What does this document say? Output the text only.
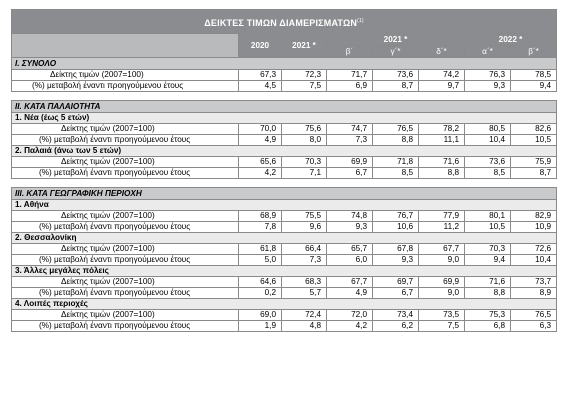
ΔΕΙΚΤΕΣ ΤΙΜΩΝ ΔΙΑΜΕΡΙΣΜΑΤΩΝ$^{(1)}$
	2020	2021 *	2021 *			2022 *	
			β΄	γ΄*	δ΄*	α΄*	β΄*
I. ΣΥΝΟΛΟ							
Δείκτης τιμών (2007=100)	67,3	72,3	71,7	73,6	74,2	76,3	78,5
(%) μεταβολή έναντι προηγούμενου έτους	4,5	7,5	6,9	8,7	9,7	9,3	9,4

II. ΚΑΤΑ ΠΑΛΑΙΟΤΗΤΑ							
1. Νέα (έως 5 ετών)							
Δείκτης τιμών (2007=100)	70,0	75,6	74,7	76,5	78,2	80,5	82,6
(%) μεταβολή έναντι προηγούμενου έτους	4,9	8,0	7,3	8,8	11,1	10,4	10,5
2. Παλαιά (άνω των 5 ετών)							
Δείκτης τιμών (2007=100)	65,6	70,3	69,9	71,8	71,6	73,6	75,9
(%) μεταβολή έναντι προηγούμενου έτους	4,2	7,1	6,7	8,5	8,8	8,5	8,7

III. ΚΑΤΑ ΓΕΩΓΡΑΦΙΚΗ ΠΕΡΙΟΧΗ							
1. Αθήνα							
Δείκτης τιμών (2007=100)	68,9	75,5	74,8	76,7	77,9	80,1	82,9
(%) μεταβολή έναντι προηγούμενου έτους	7,8	9,6	9,3	10,6	11,2	10,5	10,9
2. Θεσσαλονίκη							
Δείκτης τιμών (2007=100)	61,8	66,4	65,7	67,8	67,7	70,3	72,6
(%) μεταβολή έναντι προηγούμενου έτους	5,0	7,3	6,0	9,3	9,0	9,4	10,4
3. Άλλες μεγάλες πόλεις							
Δείκτης τιμών (2007=100)	64,6	68,3	67,7	69,7	69,9	71,6	73,7
(%) μεταβολή έναντι προηγούμενου έτους	0,2	5,7	4,9	6,7	9,0	8,8	8,9
4. Λοιπές περιοχές							
Δείκτης τιμών (2007=100)	69,0	72,4	72,0	73,4	73,5	75,3	76,5
(%) μεταβολή έναντι προηγούμενου έτους	1,9	4,8	4,2	6,2	7,5	6,8	6,3
